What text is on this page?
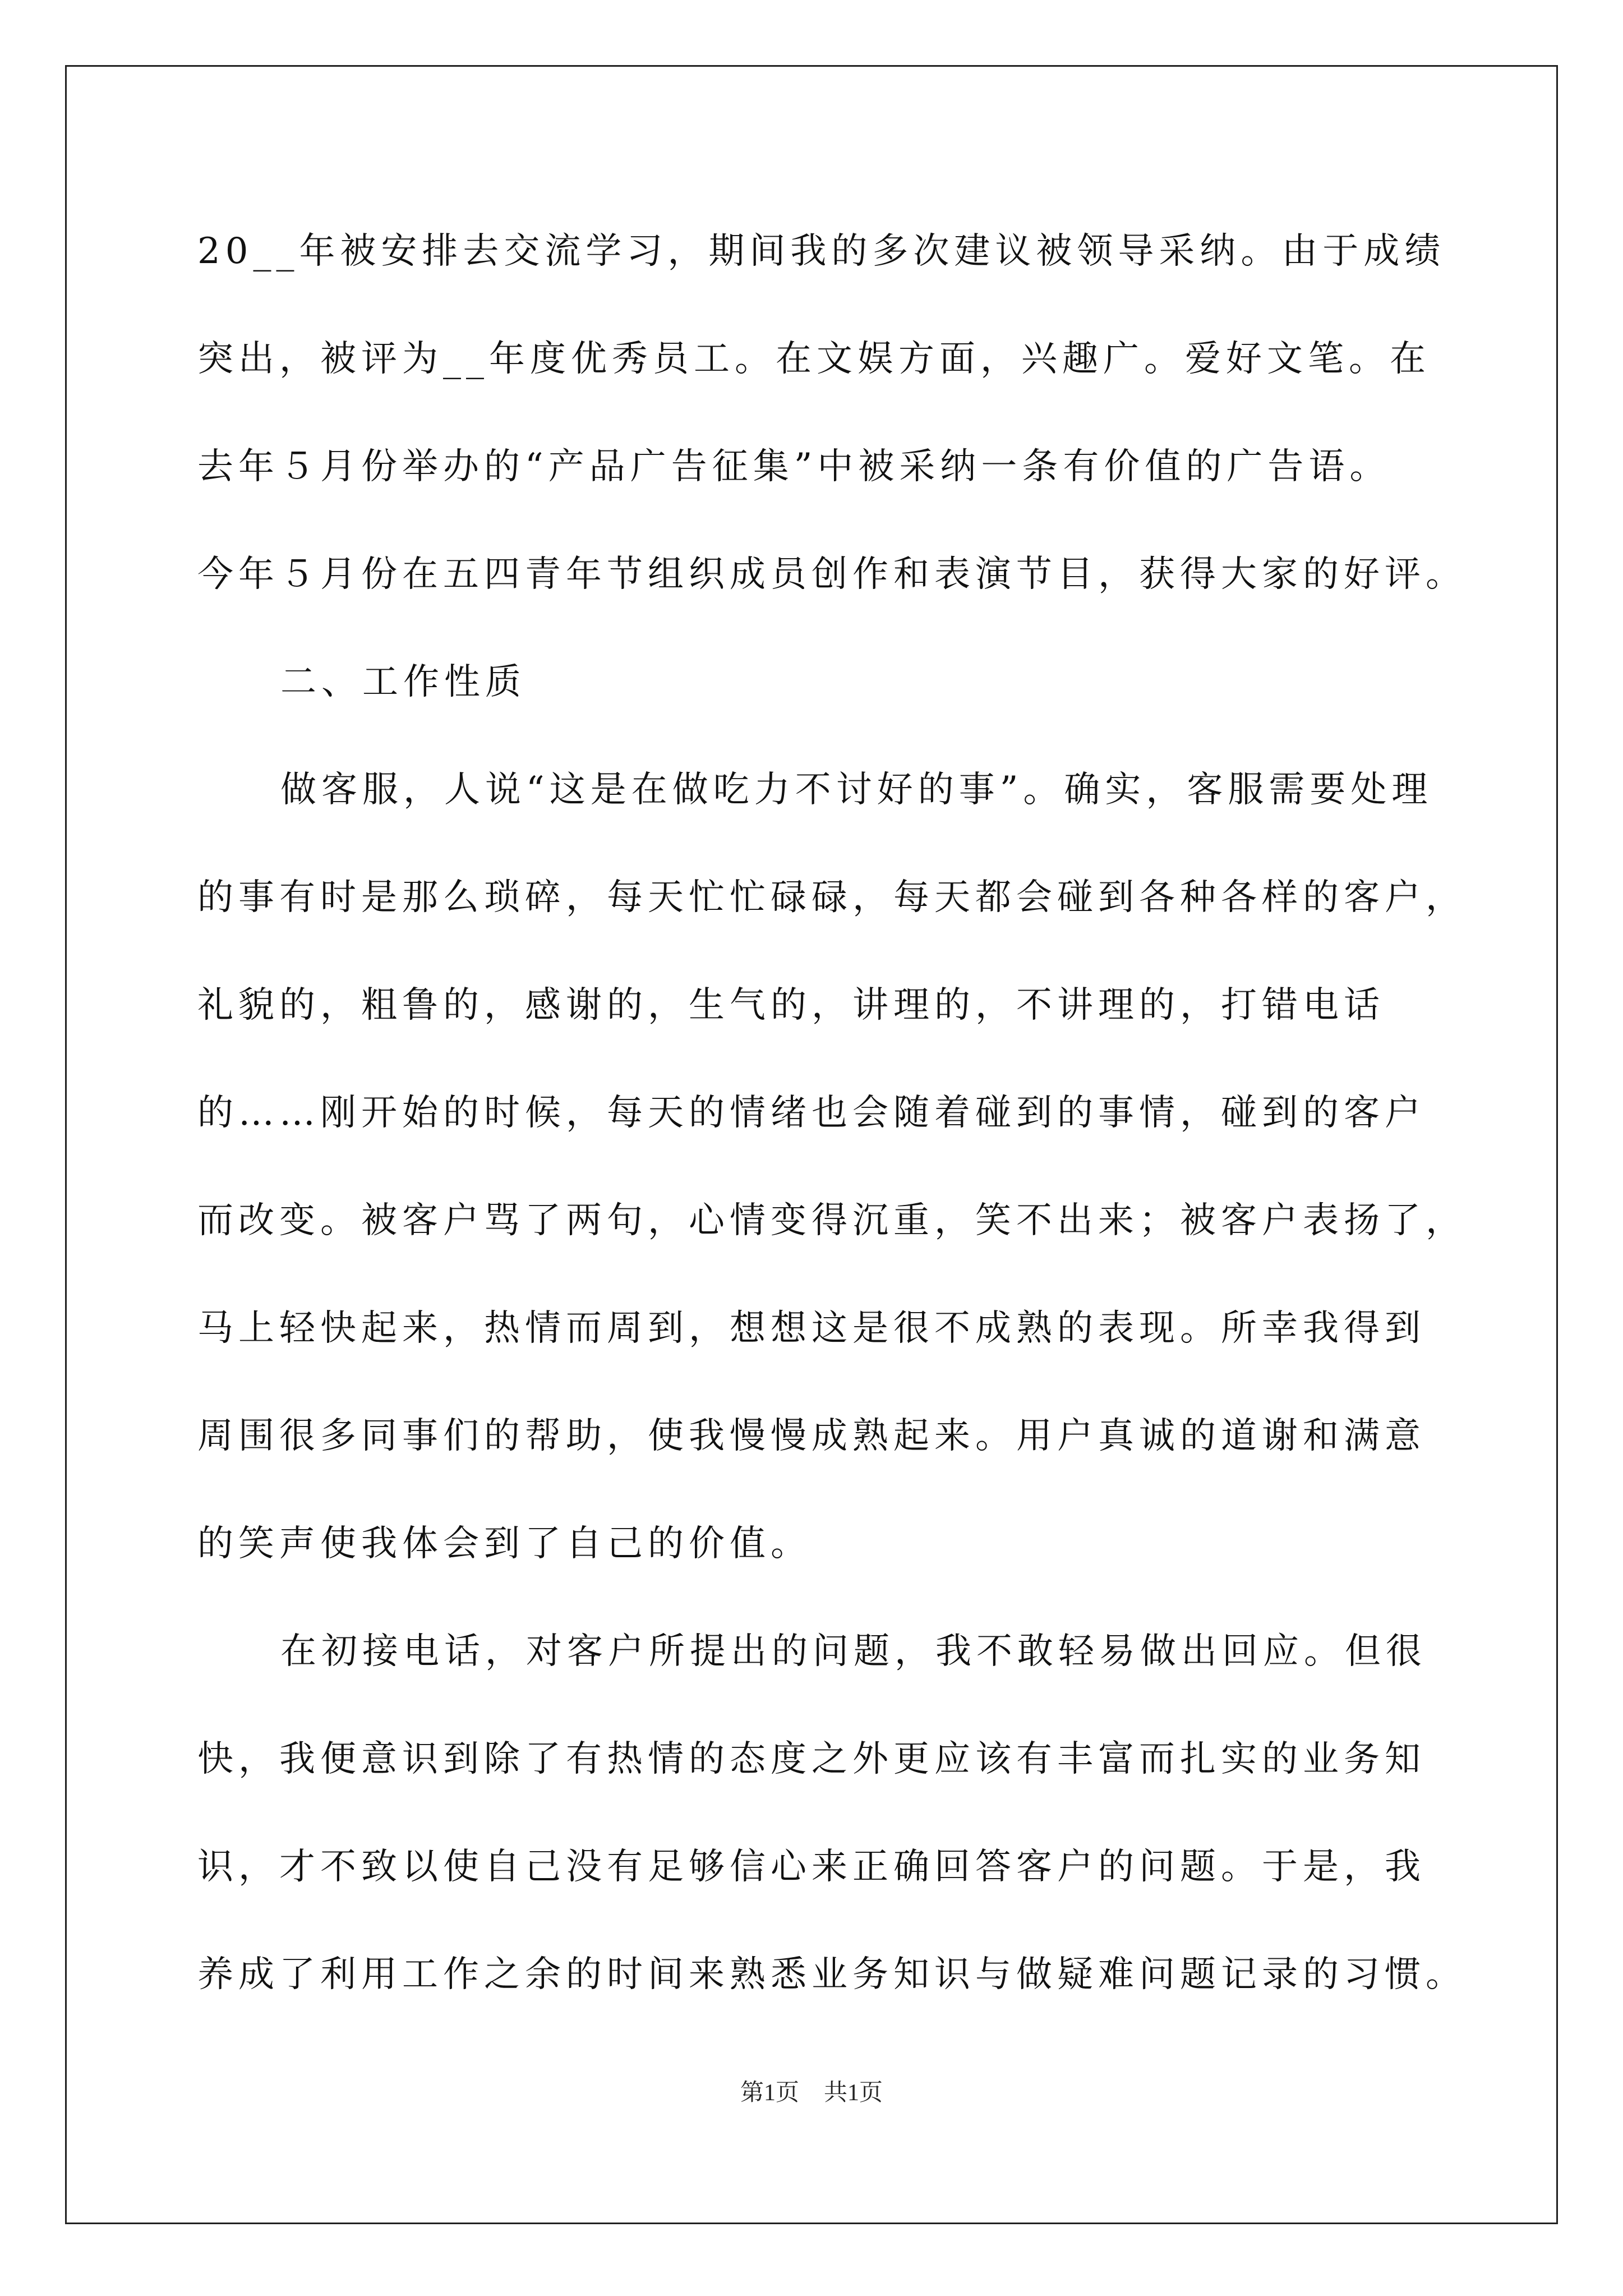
20__年被安排去交流学习，期间我的多次建议被领导采纳。由于成绩
突出，被评为__年度优秀员工。在文娱方面，兴趣广。爱好文笔。在
去年５月份举办的“产品广告征集”中被采纳一条有价值的广告语。
今年５月份在五四青年节组织成员创作和表演节目，获得大家的好评。
二、工作性质
做客服，人说“这是在做吃力不讨好的事”。确实，客服需要处理
的事有时是那么琐碎，每天忙忙碌碌，每天都会碰到各种各样的客户，
礼貌的，粗鲁的，感谢的，生气的，讲理的，不讲理的，打错电话
的……刚开始的时候，每天的情绪也会随着碰到的事情，碰到的客户
而改变。被客户骂了两句，心情变得沉重，笑不出来；被客户表扬了，
马上轻快起来，热情而周到，想想这是很不成熟的表现。所幸我得到
周围很多同事们的帮助，使我慢慢成熟起来。用户真诚的道谢和满意
的笑声使我体会到了自己的价值。
在初接电话，对客户所提出的问题，我不敢轻易做出回应。但很
快，我便意识到除了有热情的态度之外更应该有丰富而扎实的业务知
识，才不致以使自己没有足够信心来正确回答客户的问题。于是，我
养成了利用工作之余的时间来熟悉业务知识与做疑难问题记录的习惯。
第1页 共1页
